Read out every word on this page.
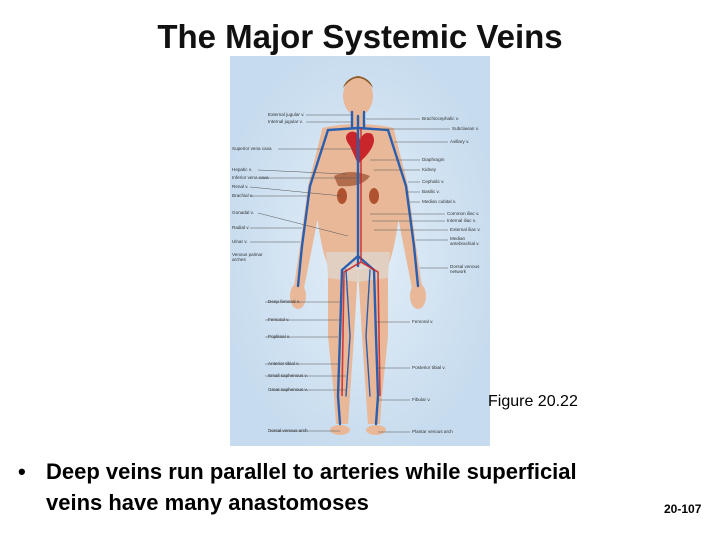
The Major Systemic Veins
External jugular v.
Internal jugular v.
Superior vena cava
Hepatic v.
Inferior vena cava
Renal v.
Brachial v.
Gonadal v.
Radial v.
Ulnar v.
Venous palmar arches
Deep femoral v.
Femoral v.
Popliteal v.
Anterior tibial v.
Small saphenous v.
Great saphenous v.
Dorsal venous arch
Brachiocephalic v.
Subclavian v.
Axillary v.
Diaphragm
Kidney
Cephalic v.
Basilic v.
Median cubital v.
Common iliac v.
Internal iliac v.
External iliac v.
Median antebrachial v.
Dorsal venous network
Femoral v.
Posterior tibial v.
Fibular v.
Plantar venous arch
Figure 20.22
• Deep veins run parallel to arteries while superficial veins have many anastomoses	20-107
